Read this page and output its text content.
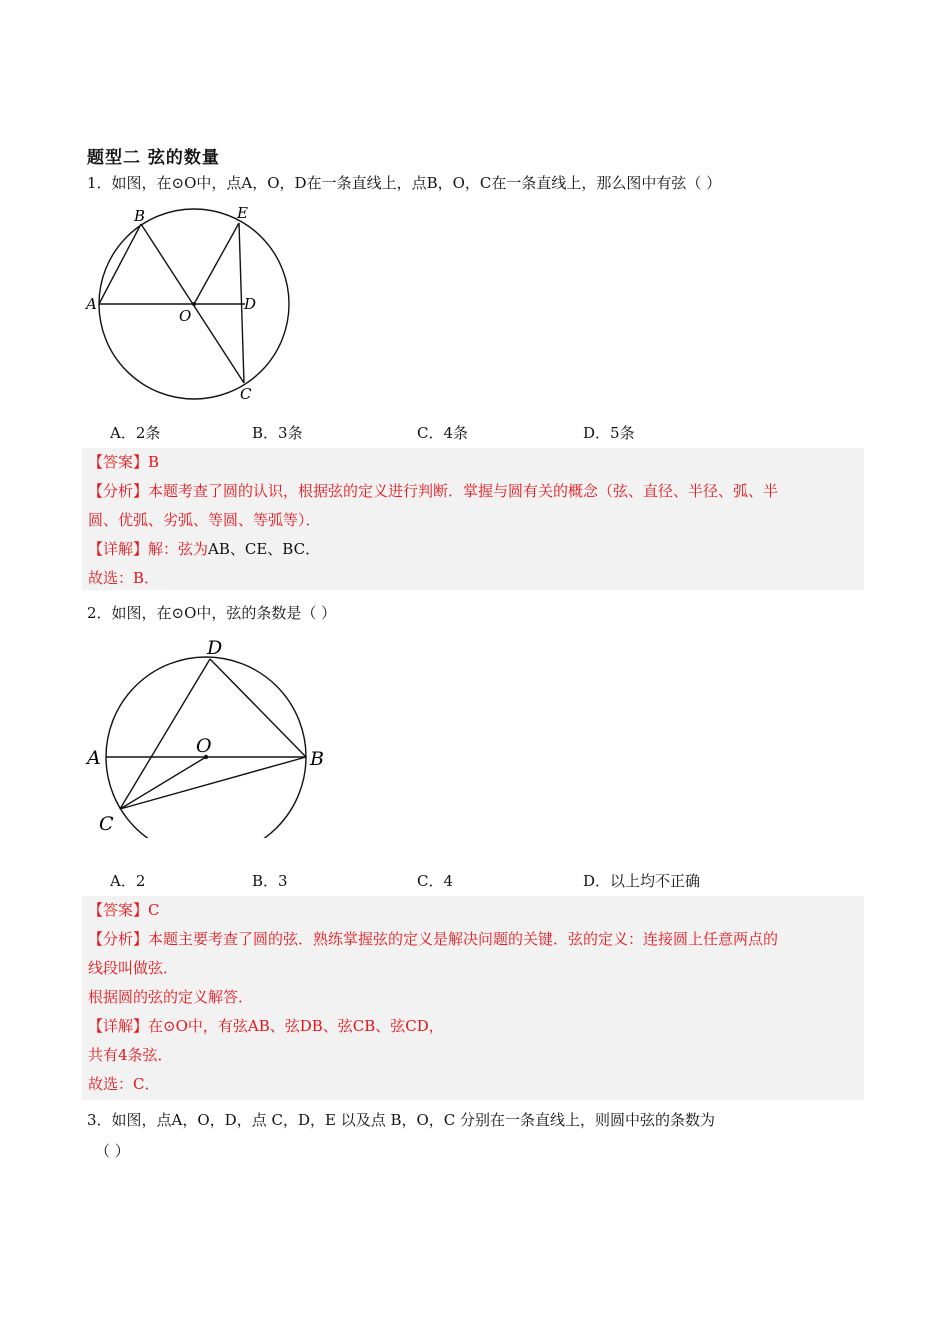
题型二 弦的数量
1．如图，在⊙O中，点A，O，D在一条直线上，点B，O，C在一条直线上，那么图中有弦（ ）
B	E
A
O
D
C
A．2条	B．3条	C．4条	D．5条
【答案】B
【分析】本题考查了圆的认识，根据弦的定义进行判断．掌握与圆有关的概念（弦、直径、半径、弧、半
圆、优弧、劣弧、等圆、等弧等）．
【详解】解：弦为AB、CE、BC．
故选：B．
2．如图，在⊙O中，弦的条数是（ ）
D
A
O
B
C
A．2	B．3	C．4	D．以上均不正确
【答案】C
【分析】本题主要考查了圆的弦．熟练掌握弦的定义是解决问题的关键．弦的定义：连接圆上任意两点的
线段叫做弦．
根据圆的弦的定义解答．
【详解】在⊙O中，有弦AB、弦DB、弦CB、弦CD，
共有4条弦．
故选：C．
3．如图，点A，O，D，点 C，D，E 以及点 B，O，C 分别在一条直线上，则圆中弦的条数为
（ ）
